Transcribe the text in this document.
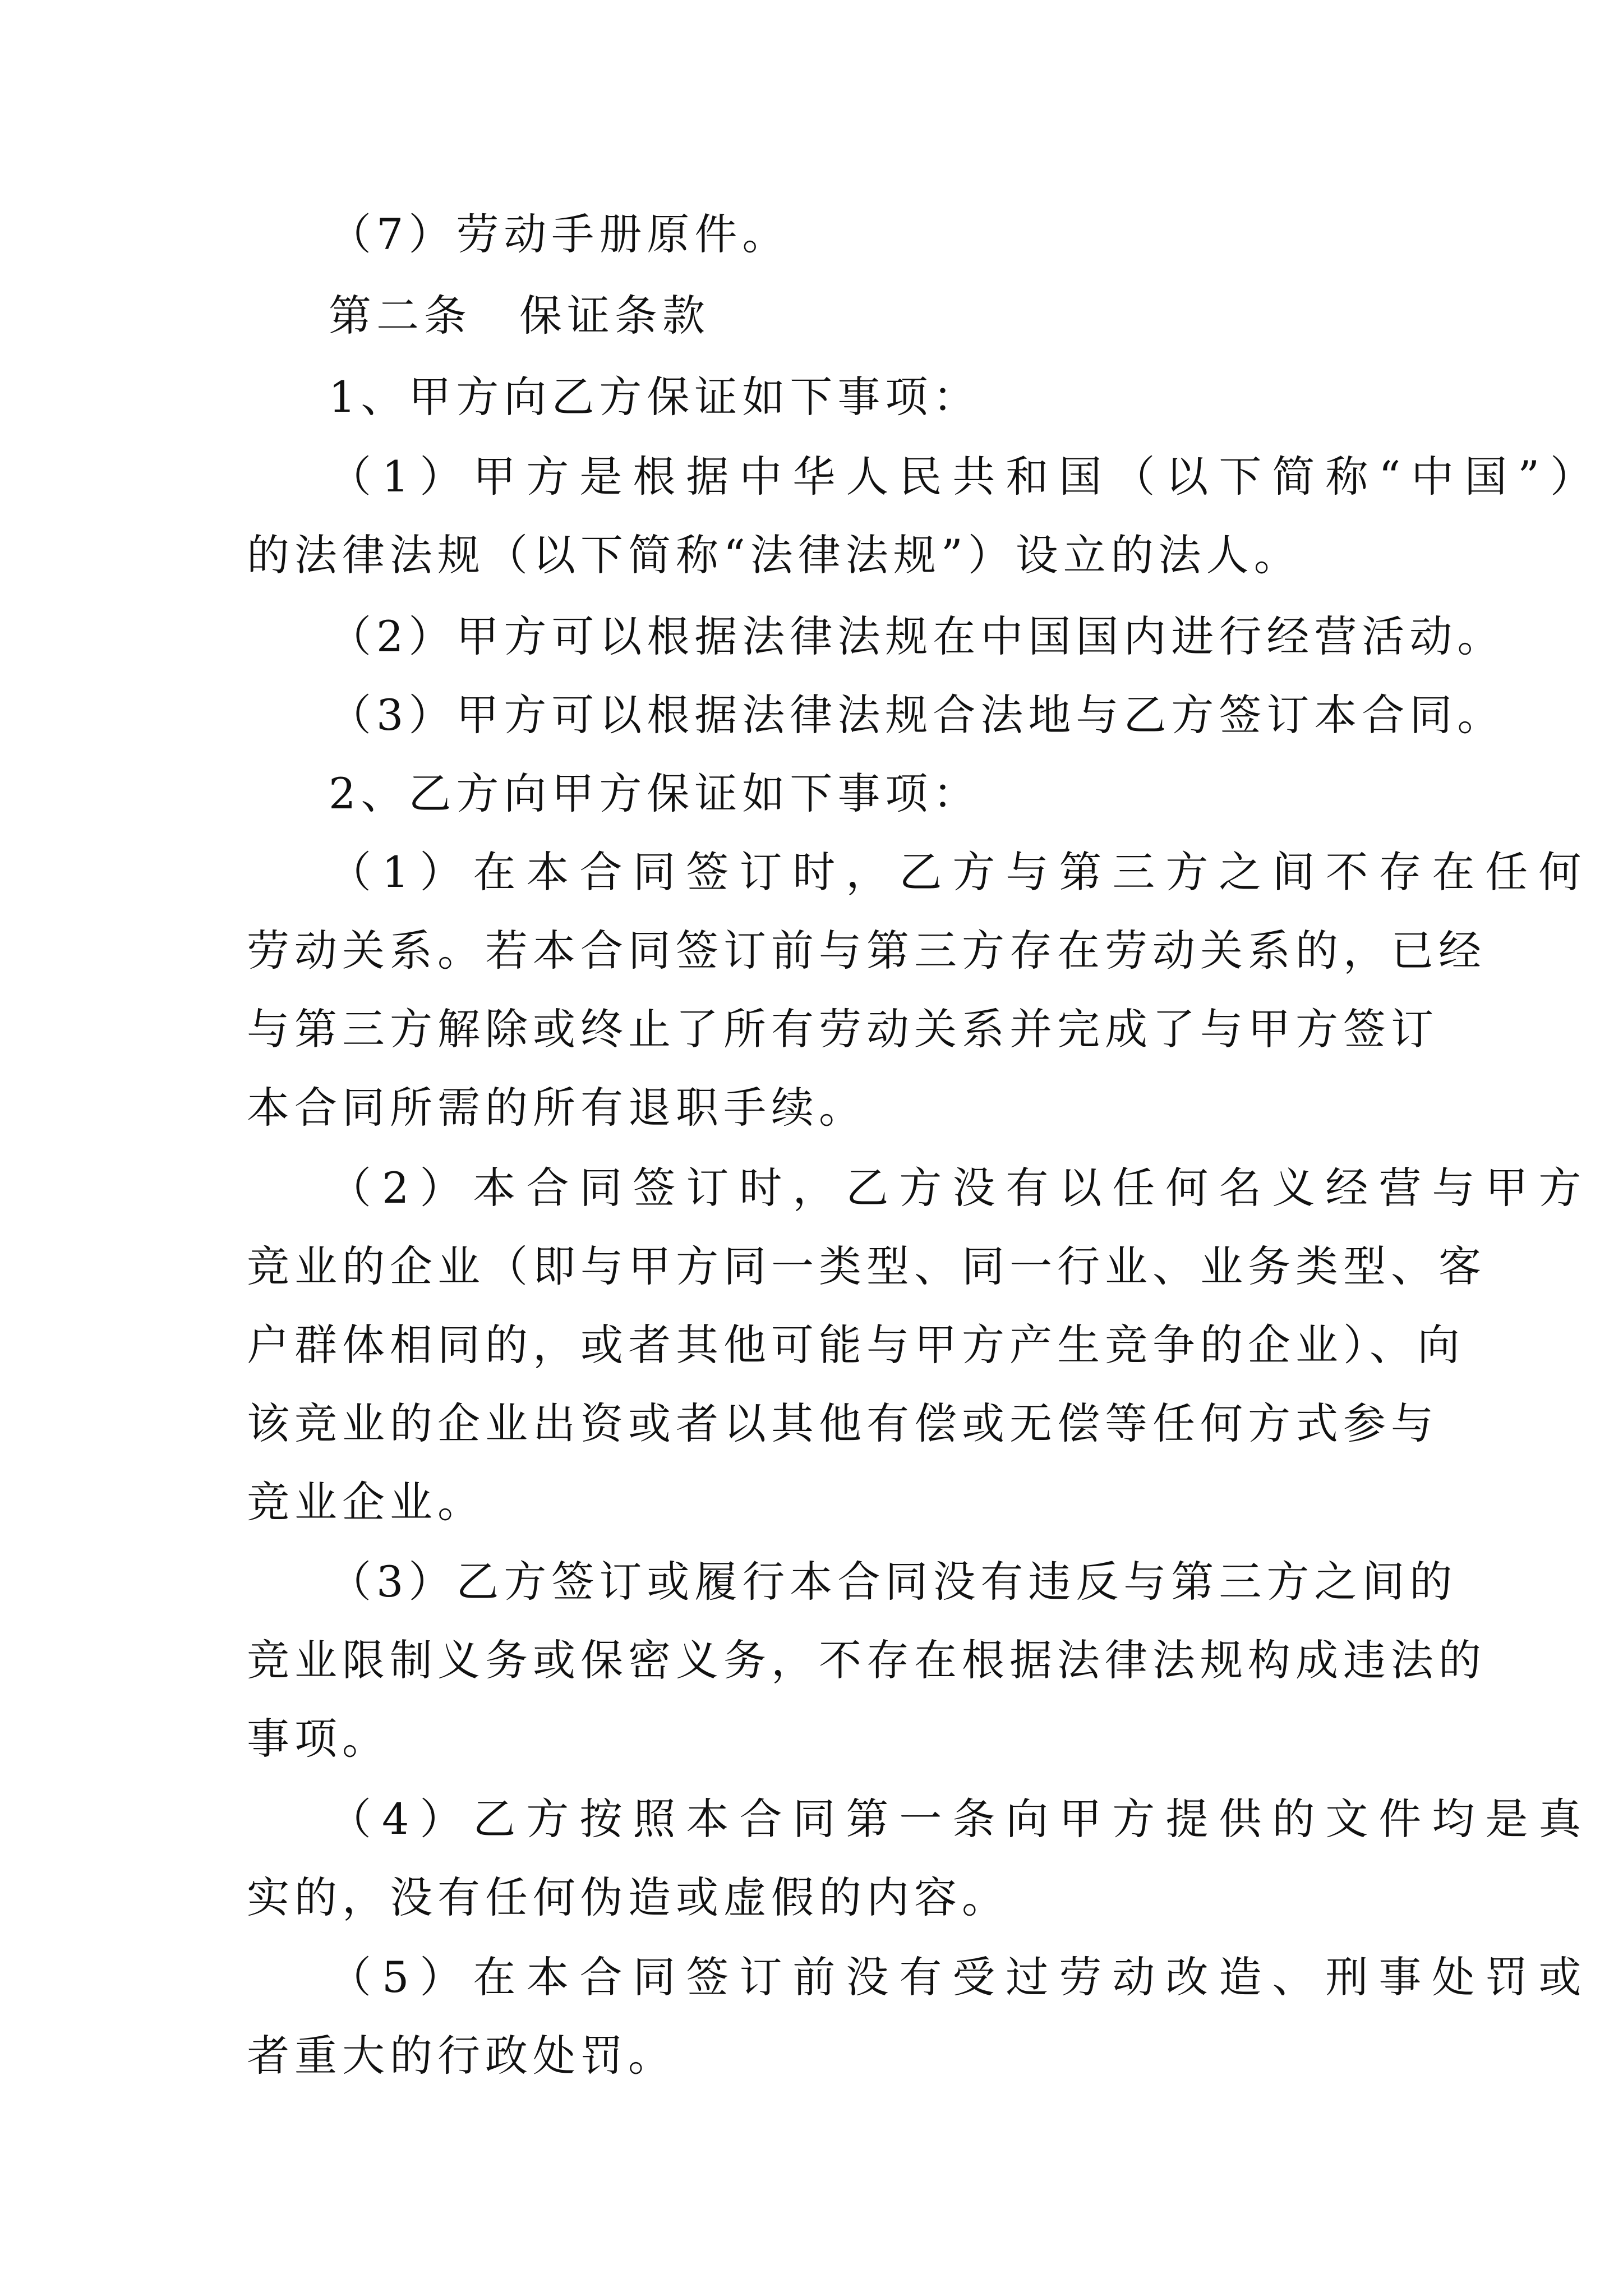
（7）劳动手册原件。

第二条　保证条款

1、甲方向乙方保证如下事项：

（1）甲方是根据中华人民共和国（以下简称“中国”）

的法律法规（以下简称“法律法规”）设立的法人。

（2）甲方可以根据法律法规在中国国内进行经营活动。

（3）甲方可以根据法律法规合法地与乙方签订本合同。

2、乙方向甲方保证如下事项：

（1）在本合同签订时，乙方与第三方之间不存在任何

劳动关系。若本合同签订前与第三方存在劳动关系的，已经

与第三方解除或终止了所有劳动关系并完成了与甲方签订

本合同所需的所有退职手续。

（2）本合同签订时，乙方没有以任何名义经营与甲方

竞业的企业（即与甲方同一类型、同一行业、业务类型、客

户群体相同的，或者其他可能与甲方产生竞争的企业）、向

该竞业的企业出资或者以其他有偿或无偿等任何方式参与

竞业企业。

（3）乙方签订或履行本合同没有违反与第三方之间的

竞业限制义务或保密义务，不存在根据法律法规构成违法的

事项。

（4）乙方按照本合同第一条向甲方提供的文件均是真

实的，没有任何伪造或虚假的内容。

（5）在本合同签订前没有受过劳动改造、刑事处罚或

者重大的行政处罚。
